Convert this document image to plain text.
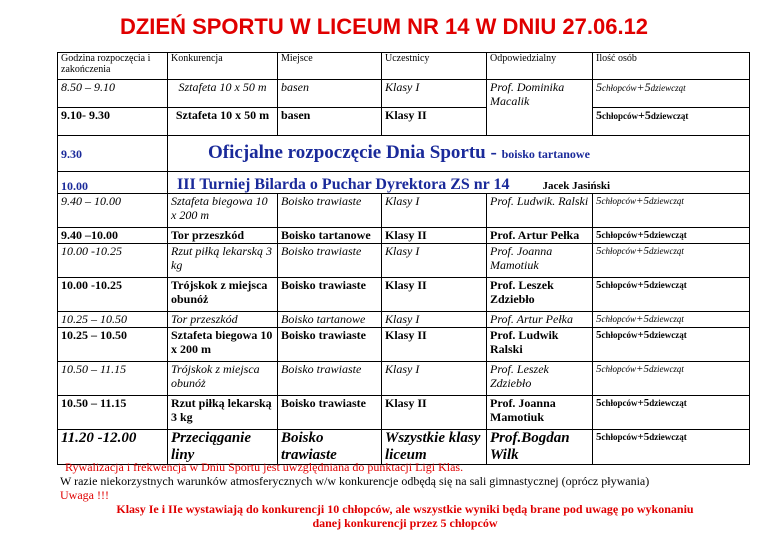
DZIEŃ SPORTU W LICEUM NR 14 W DNIU 27.06.12
Godzina rozpoczęcia i zakończenia	Konkurencja	Miejsce	Uczestnicy	Odpowiedzialny	Ilość osób
8.50 – 9.10	Sztafeta 10 x 50 m	basen	Klasy I	Prof. Dominika Macalik	5chłopców+5dziewcząt
9.10- 9.30	Sztafeta 10 x 50 m	basen	Klasy II		5chłopców+5dziewcząt
9.30	Oficjalne rozpoczęcie Dnia Sportu - boisko tartanowe				
10.00	III Turniej Bilarda o Puchar Dyrektora ZS nr 14 Jacek Jasiński				
9.40 – 10.00	Sztafeta biegowa 10 x 200 m	Boisko trawiaste	Klasy I	Prof. Ludwik. Ralski	5chłopców+5dziewcząt
9.40 –10.00	Tor przeszkód	Boisko tartanowe	Klasy II	Prof. Artur Pełka	5chłopców+5dziewcząt
10.00 -10.25	Rzut piłką lekarską 3 kg	Boisko trawiaste	Klasy I	Prof. Joanna Mamotiuk	5chłopców+5dziewcząt
10.00 -10.25	Trójskok z miejsca obunóż	Boisko trawiaste	Klasy II	Prof. Leszek Zdziebło	5chłopców+5dziewcząt
10.25 – 10.50	Tor przeszkód	Boisko tartanowe	Klasy I	Prof. Artur Pełka	5chłopców+5dziewcząt
10.25 – 10.50	Sztafeta biegowa 10 x 200 m	Boisko trawiaste	Klasy II	Prof. Ludwik Ralski	5chłopców+5dziewcząt
10.50 – 11.15	Trójskok z miejsca obunóż	Boisko trawiaste	Klasy I	Prof. Leszek Zdziebło	5chłopców+5dziewcząt
10.50 – 11.15	Rzut piłką lekarską 3 kg	Boisko trawiaste	Klasy II	Prof. Joanna Mamotiuk	5chłopców+5dziewcząt
11.20 -12.00	Przeciąganie liny	Boisko trawiaste	Wszystkie klasy liceum	Prof.Bogdan Wilk	5chłopców+5dziewcząt
Rywalizacja i frekwencja w Dniu Sportu jest uwzględniana do punktacji Ligi Klas.
W razie niekorzystnych warunków atmosferycznych w/w konkurencje odbędą się na sali gimnastycznej (oprócz pływania)
Uwaga !!!
Klasy Ie i IIe wystawiają do konkurencji 10 chłopców, ale wszystkie wyniki będą brane pod uwagę po wykonaniu
danej konkurencji przez 5 chłopców
